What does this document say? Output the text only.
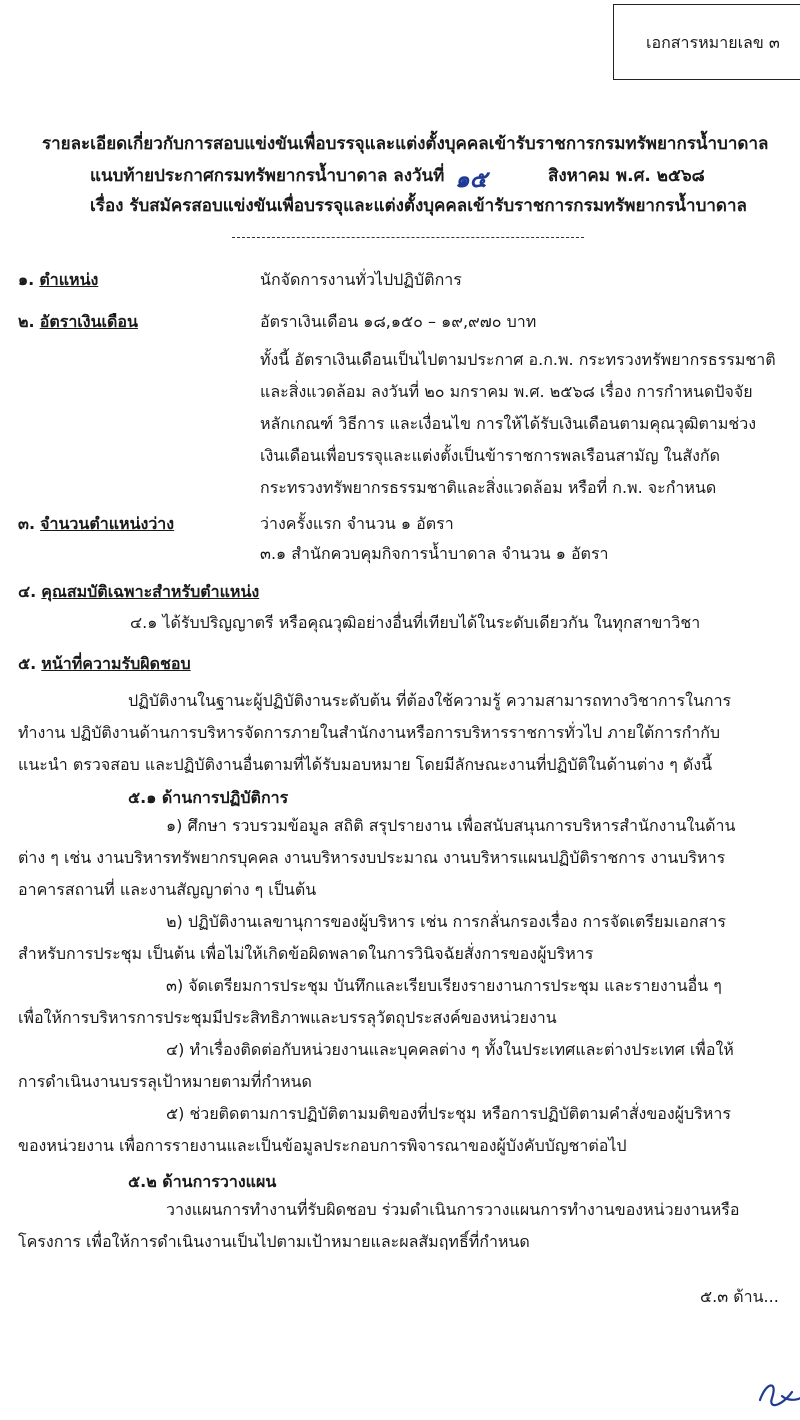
เอกสารหมายเลข ๓
รายละเอียดเกี่ยวกับการสอบแข่งขันเพื่อบรรจุและแต่งตั้งบุคคลเข้ารับราชการกรมทรัพยากรน้ำบาดาล
แนบท้ายประกาศกรมทรัพยากรน้ำบาดาล ลงวันที่ ๑๕	สิงหาคม พ.ศ. ๒๕๖๘
เรื่อง รับสมัครสอบแข่งขันเพื่อบรรจุและแต่งตั้งบุคคลเข้ารับราชการกรมทรัพยากรน้ำบาดาล
๑. ตำแหน่ง	นักจัดการงานทั่วไปปฏิบัติการ
๒. อัตราเงินเดือน	อัตราเงินเดือน ๑๘,๑๕๐ – ๑๙,๙๗๐ บาท
ทั้งนี้ อัตราเงินเดือนเป็นไปตามประกาศ อ.ก.พ. กระทรวงทรัพยากรธรรมชาติ
และสิ่งแวดล้อม ลงวันที่ ๒๐ มกราคม พ.ศ. ๒๕๖๘ เรื่อง การกำหนดปัจจัย
หลักเกณฑ์ วิธีการ และเงื่อนไข การให้ได้รับเงินเดือนตามคุณวุฒิตามช่วง
เงินเดือนเพื่อบรรจุและแต่งตั้งเป็นข้าราชการพลเรือนสามัญ ในสังกัด
กระทรวงทรัพยากรธรรมชาติและสิ่งแวดล้อม หรือที่ ก.พ. จะกำหนด
๓. จำนวนตำแหน่งว่าง	ว่างครั้งแรก จำนวน ๑ อัตรา
๓.๑ สำนักควบคุมกิจการน้ำบาดาล จำนวน ๑ อัตรา
๔. คุณสมบัติเฉพาะสำหรับตำแหน่ง
๔.๑ ได้รับปริญญาตรี หรือคุณวุฒิอย่างอื่นที่เทียบได้ในระดับเดียวกัน ในทุกสาขาวิชา
๕. หน้าที่ความรับผิดชอบ
ปฏิบัติงานในฐานะผู้ปฏิบัติงานระดับต้น ที่ต้องใช้ความรู้ ความสามารถทางวิชาการในการ
ทำงาน ปฏิบัติงานด้านการบริหารจัดการภายในสำนักงานหรือการบริหารราชการทั่วไป ภายใต้การกำกับ
แนะนำ ตรวจสอบ และปฏิบัติงานอื่นตามที่ได้รับมอบหมาย โดยมีลักษณะงานที่ปฏิบัติในด้านต่าง ๆ ดังนี้
๕.๑ ด้านการปฏิบัติการ
๑) ศึกษา รวบรวมข้อมูล สถิติ สรุปรายงาน เพื่อสนับสนุนการบริหารสำนักงานในด้าน
ต่าง ๆ เช่น งานบริหารทรัพยากรบุคคล งานบริหารงบประมาณ งานบริหารแผนปฏิบัติราชการ งานบริหาร
อาคารสถานที่ และงานสัญญาต่าง ๆ เป็นต้น
๒) ปฏิบัติงานเลขานุการของผู้บริหาร เช่น การกลั่นกรองเรื่อง การจัดเตรียมเอกสาร
สำหรับการประชุม เป็นต้น เพื่อไม่ให้เกิดข้อผิดพลาดในการวินิจฉัยสั่งการของผู้บริหาร
๓) จัดเตรียมการประชุม บันทึกและเรียบเรียงรายงานการประชุม และรายงานอื่น ๆ
เพื่อให้การบริหารการประชุมมีประสิทธิภาพและบรรลุวัตถุประสงค์ของหน่วยงาน
๔) ทำเรื่องติดต่อกับหน่วยงานและบุคคลต่าง ๆ ทั้งในประเทศและต่างประเทศ เพื่อให้
การดำเนินงานบรรลุเป้าหมายตามที่กำหนด
๕) ช่วยติดตามการปฏิบัติตามมติของที่ประชุม หรือการปฏิบัติตามคำสั่งของผู้บริหาร
ของหน่วยงาน เพื่อการรายงานและเป็นข้อมูลประกอบการพิจารณาของผู้บังคับบัญชาต่อไป
๕.๒ ด้านการวางแผน
วางแผนการทำงานที่รับผิดชอบ ร่วมดำเนินการวางแผนการทำงานของหน่วยงานหรือ
โครงการ เพื่อให้การดำเนินงานเป็นไปตามเป้าหมายและผลสัมฤทธิ์ที่กำหนด
๕.๓ ด้าน...
